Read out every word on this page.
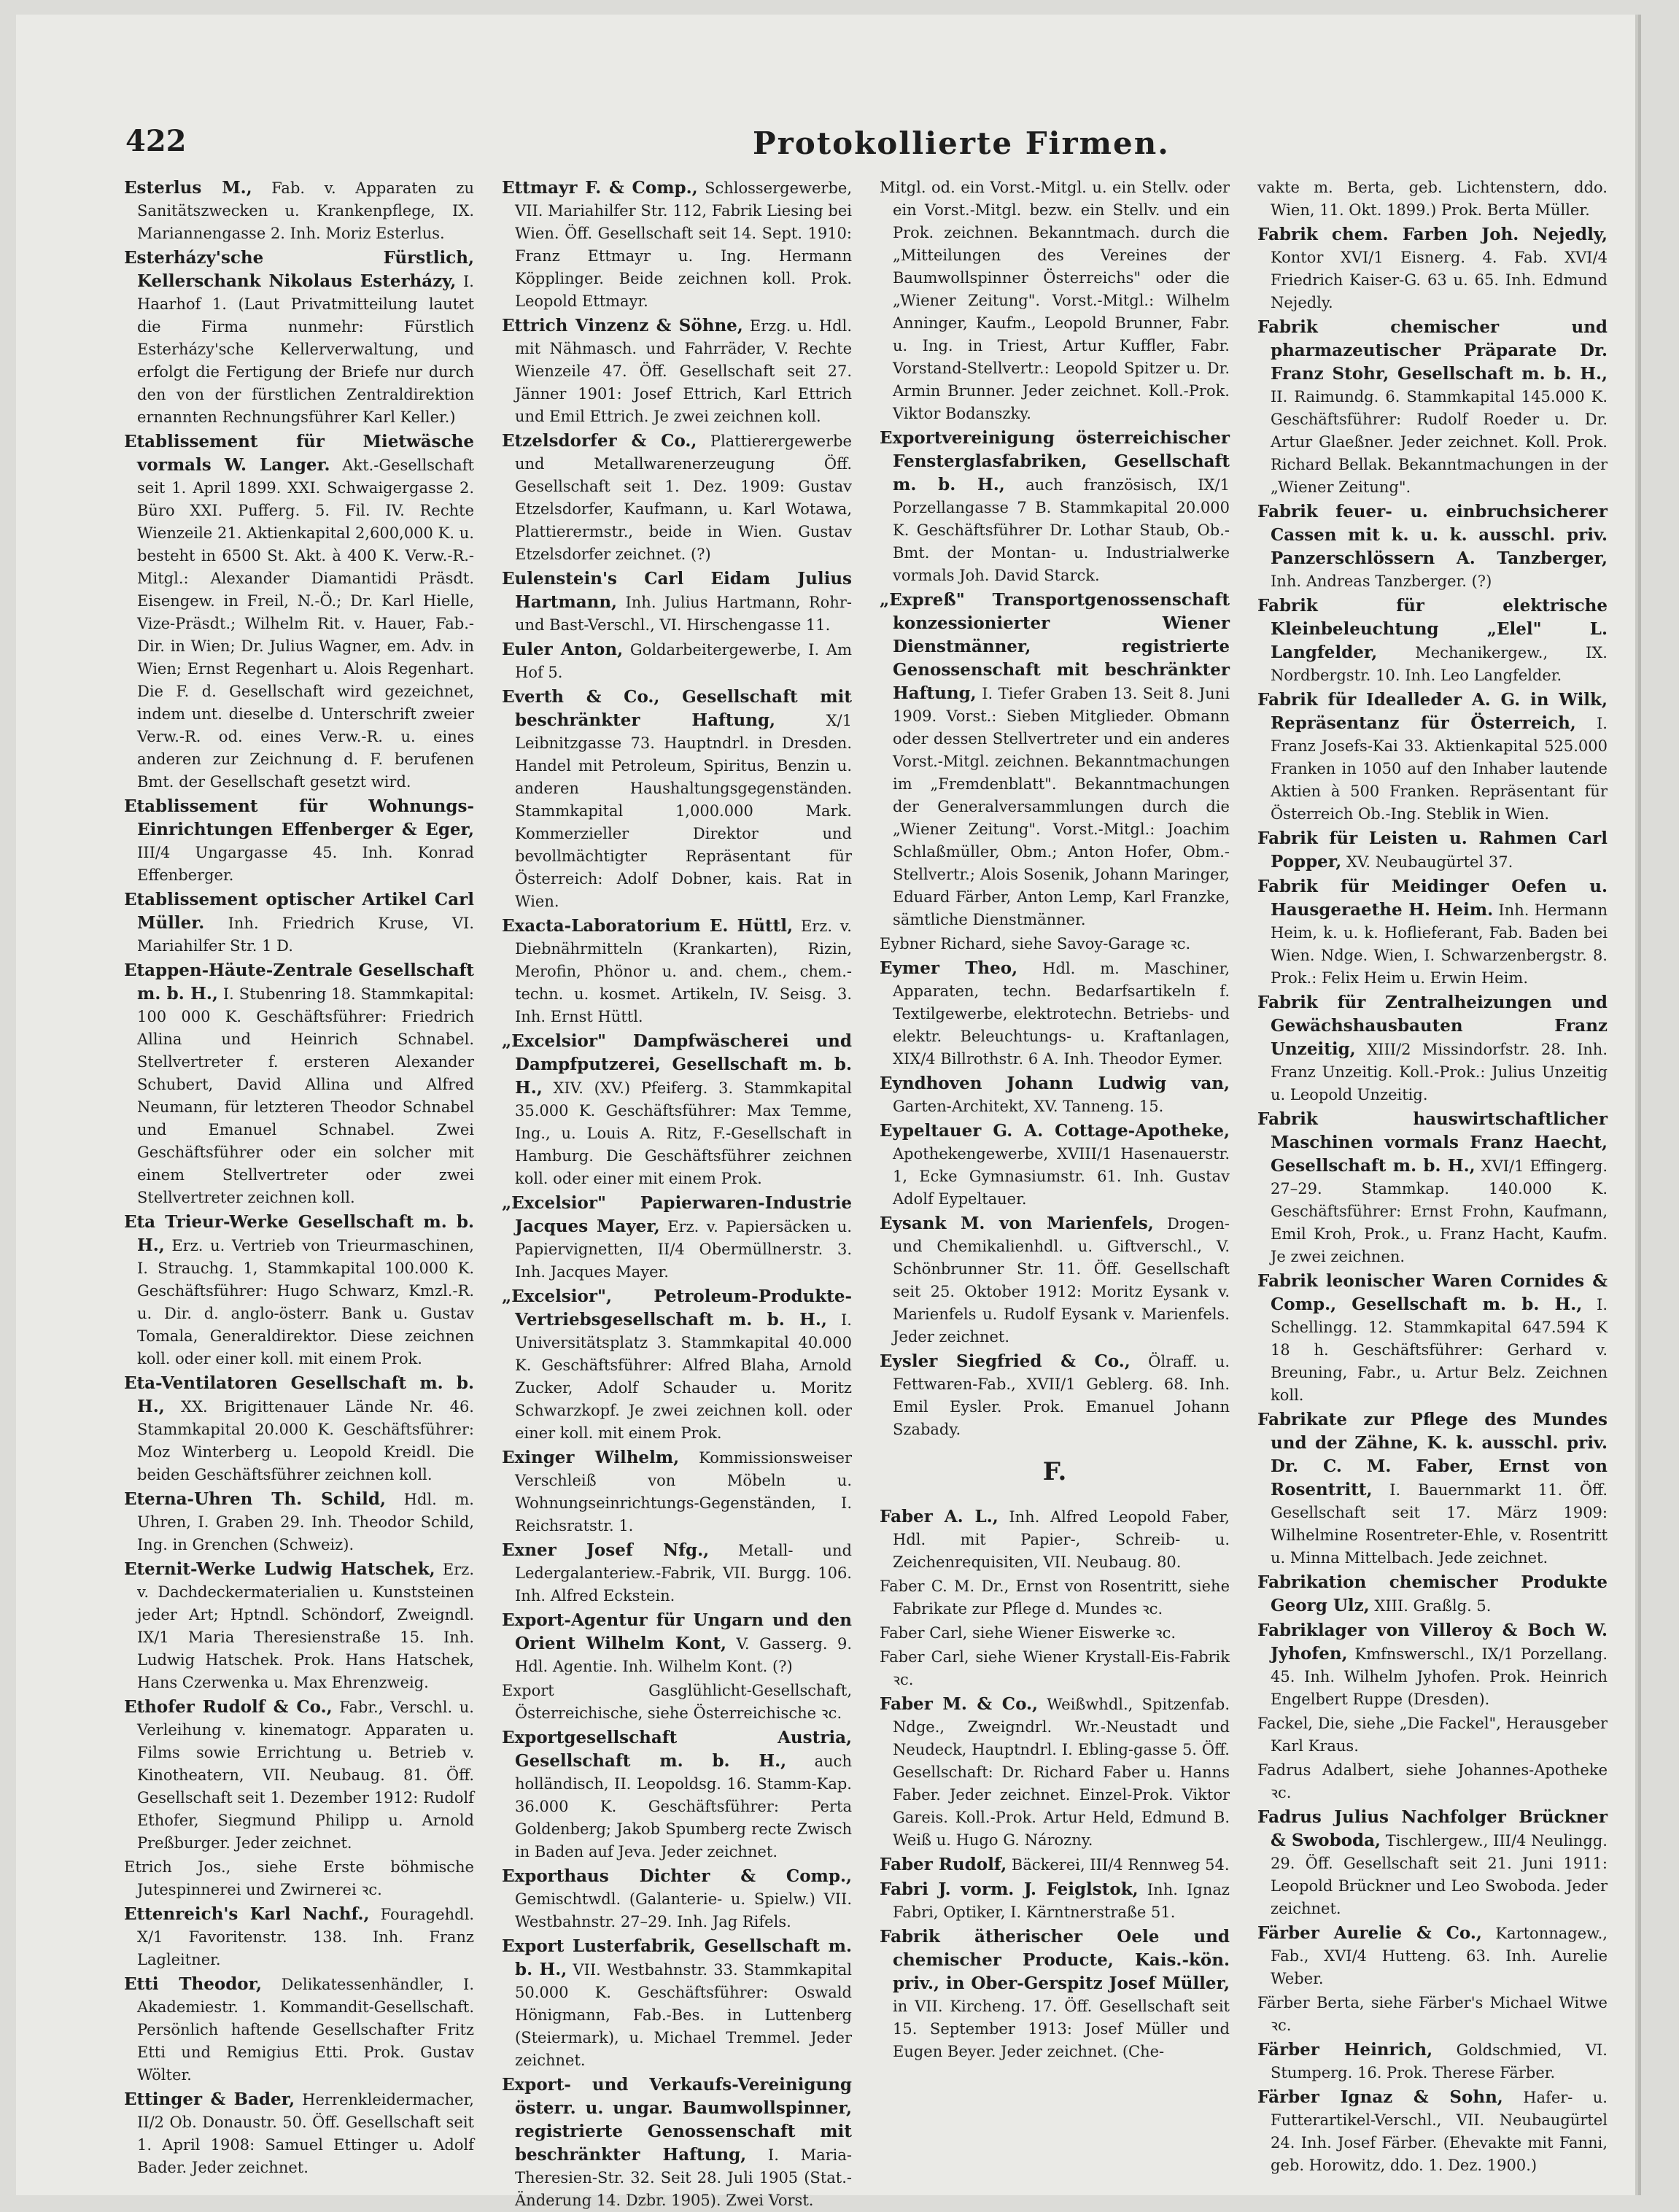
422	Protokollierte Firmen.

Esterlus M., Fab. v. Apparaten zu Sanitätszwecken u. Krankenpflege, IX. Mariannengasse 2. Inh. Moriz Esterlus.

Esterházy'sche Fürstlich, Kellerschank Nikolaus Esterházy, I. Haarhof 1. (Laut Privatmitteilung lautet die Firma nunmehr: Fürstlich Esterházy'sche Kellerverwaltung, und erfolgt die Fertigung der Briefe nur durch den von der fürstlichen Zentraldirektion ernannten Rechnungsführer Karl Keller.)

Etablissement für Mietwäsche vormals W. Langer. Akt.-Gesellschaft seit 1. April 1899. XXI. Schwaigergasse 2. Büro XXI. Pufferg. 5. Fil. IV. Rechte Wienzeile 21. Aktienkapital 2,600,000 K. u. besteht in 6500 St. Akt. à 400 K. Verw.-R.-Mitgl.: Alexander Diamantidi Präsdt. Eisengew. in Freil, N.-Ö.; Dr. Karl Hielle, Vize-Präsdt.; Wilhelm Rit. v. Hauer, Fab.-Dir. in Wien; Dr. Julius Wagner, em. Adv. in Wien; Ernst Regenhart u. Alois Regenhart. Die F. d. Gesellschaft wird gezeichnet, indem unt. dieselbe d. Unterschrift zweier Verw.-R. od. eines Verw.-R. u. eines anderen zur Zeichnung d. F. berufenen Bmt. der Gesellschaft gesetzt wird.

Etablissement für Wohnungs-Einrichtungen Effenberger & Eger, III/4 Ungargasse 45. Inh. Konrad Effenberger.

Etablissement optischer Artikel Carl Müller. Inh. Friedrich Kruse, VI. Mariahilfer Str. 1 D.

Etappen-Häute-Zentrale Gesellschaft m. b. H., I. Stubenring 18. Stammkapital: 100 000 K. Geschäftsführer: Friedrich Allina und Heinrich Schnabel. Stellvertreter f. ersteren Alexander Schubert, David Allina und Alfred Neumann, für letzteren Theodor Schnabel und Emanuel Schnabel. Zwei Geschäftsführer oder ein solcher mit einem Stellvertreter oder zwei Stellvertreter zeichnen koll.

Eta Trieur-Werke Gesellschaft m. b. H., Erz. u. Vertrieb von Trieurmaschinen, I. Strauchg. 1, Stammkapital 100.000 K. Geschäftsführer: Hugo Schwarz, Kmzl.-R. u. Dir. d. anglo-österr. Bank u. Gustav Tomala, Generaldirektor. Diese zeichnen koll. oder einer koll. mit einem Prok.

Eta-Ventilatoren Gesellschaft m. b. H., XX. Brigittenauer Lände Nr. 46. Stammkapital 20.000 K. Geschäftsführer: Moz Winterberg u. Leopold Kreidl. Die beiden Geschäftsführer zeichnen koll.

Eterna-Uhren Th. Schild, Hdl. m. Uhren, I. Graben 29. Inh. Theodor Schild, Ing. in Grenchen (Schweiz).

Eternit-Werke Ludwig Hatschek, Erz. v. Dachdeckermaterialien u. Kunststeinen jeder Art; Hptndl. Schöndorf, Zweigndl. IX/1 Maria Theresienstraße 15. Inh. Ludwig Hatschek. Prok. Hans Hatschek, Hans Czerwenka u. Max Ehrenzweig.

Ethofer Rudolf & Co., Fabr., Verschl. u. Verleihung v. kinematogr. Apparaten u. Films sowie Errichtung u. Betrieb v. Kinotheatern, VII. Neubaug. 81. Öff. Gesellschaft seit 1. Dezember 1912: Rudolf Ethofer, Siegmund Philipp u. Arnold Preßburger. Jeder zeichnet.

Etrich Jos., siehe Erste böhmische Jutespinnerei und Zwirnerei ꝛc.

Ettenreich's Karl Nachf., Fouragehdl. X/1 Favoritenstr. 138. Inh. Franz Lagleitner.

Etti Theodor, Delikatessenhändler, I. Akademiestr. 1. Kommandit-Gesellschaft. Persönlich haftende Gesellschafter Fritz Etti und Remigius Etti. Prok. Gustav Wölter.

Ettinger & Bader, Herrenkleidermacher, II/2 Ob. Donaustr. 50. Öff. Gesellschaft seit 1. April 1908: Samuel Ettinger u. Adolf Bader. Jeder zeichnet.

Ettmayr F. & Comp., Schlossergewerbe, VII. Mariahilfer Str. 112, Fabrik Liesing bei Wien. Öff. Gesellschaft seit 14. Sept. 1910: Franz Ettmayr u. Ing. Hermann Köpplinger. Beide zeichnen koll. Prok. Leopold Ettmayr.

Ettrich Vinzenz & Söhne, Erzg. u. Hdl. mit Nähmasch. und Fahrräder, V. Rechte Wienzeile 47. Öff. Gesellschaft seit 27. Jänner 1901: Josef Ettrich, Karl Ettrich und Emil Ettrich. Je zwei zeichnen koll.

Etzelsdorfer & Co., Plattierergewerbe und Metallwarenerzeugung Öff. Gesellschaft seit 1. Dez. 1909: Gustav Etzelsdorfer, Kaufmann, u. Karl Wotawa, Plattierermstr., beide in Wien. Gustav Etzelsdorfer zeichnet. (?)

Eulenstein's Carl Eidam Julius Hartmann, Inh. Julius Hartmann, Rohr- und Bast-Verschl., VI. Hirschengasse 11.

Euler Anton, Goldarbeitergewerbe, I. Am Hof 5.

Everth & Co., Gesellschaft mit beschränkter Haftung,	X/1 Leibnitzgasse 73. Hauptndrl. in Dresden. Handel mit Petroleum, Spiritus, Benzin u. anderen Haushaltungsgegenständen. Stammkapital 1,000.000 Mark. Kommerzieller Direktor und bevollmächtigter Repräsentant für Österreich: Adolf Dobner, kais. Rat in Wien.

Exacta-Laboratorium E. Hüttl, Erz. v. Diebnährmitteln (Krankarten), Rizin, Merofin, Phönor u. and. chem., chem.-techn. u. kosmet. Artikeln, IV. Seisg. 3. Inh. Ernst Hüttl.

„Excelsior" Dampfwäscherei und Dampfputzerei, Gesellschaft m. b. H., XIV. (XV.) Pfeiferg. 3. Stammkapital 35.000 K. Geschäftsführer: Max Temme, Ing., u. Louis A. Ritz, F.-Gesellschaft in Hamburg. Die Geschäftsführer zeichnen koll. oder einer mit einem Prok.

„Excelsior" Papierwaren-Industrie Jacques Mayer, Erz. v. Papiersäcken u. Papiervignetten, II/4 Obermüllnerstr. 3. Inh. Jacques Mayer.

„Excelsior", Petroleum-Produkte-Vertriebsgesellschaft m. b. H., I. Universitätsplatz 3. Stammkapital 40.000 K. Geschäftsführer: Alfred Blaha, Arnold Zucker, Adolf Schauder u. Moritz Schwarzkopf. Je zwei zeichnen koll. oder einer koll. mit einem Prok.

Exinger Wilhelm, Kommissionsweiser Verschleiß von Möbeln u. Wohnungseinrichtungs-Gegenständen, I. Reichsratstr. 1.

Exner Josef Nfg., Metall- und Ledergalanteriew.-Fabrik, VII. Burgg. 106. Inh. Alfred Eckstein.

Export-Agentur für Ungarn und den Orient Wilhelm Kont, V. Gasserg. 9. Hdl. Agentie. Inh. Wilhelm Kont. (?)

Export Gasglühlicht-Gesellschaft, Österreichische, siehe Österreichische ꝛc.

Exportgesellschaft Austria, Gesellschaft m. b. H., auch holländisch, II. Leopoldsg. 16. Stamm-Kap. 36.000 K. Geschäftsführer: Perta Goldenberg; Jakob Spumberg recte Zwisch in Baden auf Jeva. Jeder zeichnet.

Exporthaus Dichter & Comp., Gemischtwdl. (Galanterie- u. Spielw.) VII. Westbahnstr. 27–29. Inh. Jag Rifels.

Export Lusterfabrik, Gesellschaft m. b. H., VII. Westbahnstr. 33. Stammkapital 50.000 K. Geschäftsführer: Oswald Hönigmann, Fab.-Bes. in Luttenberg (Steiermark), u. Michael Tremmel. Jeder zeichnet.

Export- und Verkaufs-Vereinigung österr. u. ungar. Baumwollspinner, registrierte Genossenschaft mit beschränkter Haftung, I. Maria-Theresien-Str. 32. Seit 28. Juli 1905 (Stat.-Änderung 14. Dzbr. 1905). Zwei Vorst.

Mitgl. od. ein Vorst.-Mitgl. u. ein Stellv. oder ein Vorst.-Mitgl. bezw. ein Stellv. und ein Prok. zeichnen. Bekanntmach. durch die „Mitteilungen des Vereines der Baumwollspinner Österreichs" oder die „Wiener Zeitung". Vorst.-Mitgl.: Wilhelm Anninger, Kaufm., Leopold Brunner, Fabr. u. Ing. in Triest, Artur Kuffler, Fabr. Vorstand-Stellvertr.: Leopold Spitzer u. Dr. Armin Brunner. Jeder zeichnet. Koll.-Prok. Viktor Bodanszky.

Exportvereinigung österreichischer Fensterglasfabriken, Gesellschaft m. b. H., auch französisch, IX/1 Porzellangasse 7 B. Stammkapital 20.000 K. Geschäftsführer Dr. Lothar Staub, Ob.-Bmt. der Montan- u. Industrialwerke vormals Joh. David Starck.

„Expreß" Transportgenossenschaft konzessionierter Wiener Dienstmänner, registrierte Genossenschaft mit beschränkter Haftung, I. Tiefer Graben 13. Seit 8. Juni 1909. Vorst.: Sieben Mitglieder. Obmann oder dessen Stellvertreter und ein anderes Vorst.-Mitgl. zeichnen. Bekanntmachungen im „Fremdenblatt". Bekanntmachungen der Generalversammlungen durch die „Wiener Zeitung". Vorst.-Mitgl.: Joachim Schlaßmüller, Obm.; Anton Hofer, Obm.-Stellvertr.; Alois Sosenik, Johann Maringer, Eduard Färber, Anton Lemp, Karl Franzke, sämtliche Dienstmänner.

Eybner Richard, siehe Savoy-Garage ꝛc.

Eymer Theo, Hdl. m. Maschiner, Apparaten, techn. Bedarfsartikeln f. Textilgewerbe, elektrotechn. Betriebs- und elektr. Beleuchtungs- u. Kraftanlagen, XIX/4 Billrothstr. 6 A. Inh. Theodor Eymer.

Eyndhoven Johann Ludwig van, Garten-Architekt, XV. Tanneng. 15.

Eypeltauer G. A. Cottage-Apotheke, Apothekengewerbe, XVIII/1 Hasenauerstr. 1, Ecke Gymnasiumstr. 61. Inh. Gustav Adolf Eypeltauer.

Eysank M. von Marienfels, Drogen- und Chemikalienhdl. u. Giftverschl., V. Schönbrunner Str. 11. Öff. Gesellschaft seit 25. Oktober 1912: Moritz Eysank v. Marienfels u. Rudolf Eysank v. Marienfels. Jeder zeichnet.

Eysler Siegfried & Co., Ölraff. u. Fettwaren-Fab., XVII/1 Geblerg. 68. Inh. Emil Eysler. Prok. Emanuel Johann Szabady.

F.

Faber A. L., Inh. Alfred Leopold Faber, Hdl. mit Papier-, Schreib- u. Zeichenrequisiten, VII. Neubaug. 80.

Faber C. M. Dr., Ernst von Rosentritt, siehe Fabrikate zur Pflege d. Mundes ꝛc.

Faber Carl, siehe Wiener Eiswerke ꝛc.

Faber Carl, siehe Wiener Krystall-Eis-Fabrik ꝛc.

Faber M. & Co., Weißwhdl., Spitzenfab. Ndge., Zweigndrl. Wr.-Neustadt und Neudeck, Hauptndrl. I. Ebling-gasse 5. Öff. Gesellschaft: Dr. Richard Faber u. Hanns Faber. Jeder zeichnet. Einzel-Prok. Viktor Gareis. Koll.-Prok. Artur Held, Edmund B. Weiß u. Hugo G. Nározny.

Faber Rudolf, Bäckerei, III/4 Rennweg 54.

Fabri J. vorm. J. Feiglstok, Inh. Ignaz Fabri, Optiker, I. Kärntnerstraße 51.

Fabrik ätherischer Oele und chemischer Producte, Kais.-kön. priv., in Ober-Gerspitz Josef Müller, in VII. Kircheng. 17. Öff. Gesellschaft seit 15. September 1913: Josef Müller und Eugen Beyer. Jeder zeichnet. (Che-

vakte m. Berta, geb. Lichtenstern, ddo. Wien, 11. Okt. 1899.) Prok. Berta Müller.

Fabrik chem. Farben Joh. Nejedly, Kontor XVI/1 Eisnerg. 4. Fab. XVI/4 Friedrich Kaiser-G. 63 u. 65. Inh. Edmund Nejedly.

Fabrik chemischer und pharmazeutischer Präparate Dr. Franz Stohr, Gesellschaft m. b. H., II. Raimundg. 6. Stammkapital 145.000 K. Geschäftsführer: Rudolf Roeder u. Dr. Artur Glaeßner. Jeder zeichnet. Koll. Prok. Richard Bellak. Bekanntmachungen in der „Wiener Zeitung".

Fabrik feuer- u. einbruchsicherer Cassen mit k. u. k. ausschl. priv. Panzerschlössern A. Tanzberger, Inh. Andreas Tanzberger. (?)

Fabrik für elektrische Kleinbeleuchtung „Elel" L. Langfelder, Mechanikergew., IX. Nordbergstr. 10. Inh. Leo Langfelder.

Fabrik für Idealleder A. G. in Wilk, Repräsentanz für Österreich, I. Franz Josefs-Kai 33. Aktienkapital 525.000 Franken in 1050 auf den Inhaber lautende Aktien à 500 Franken. Repräsentant für Österreich Ob.-Ing. Steblik in Wien.

Fabrik für Leisten u. Rahmen Carl Popper, XV. Neubaugürtel 37.

Fabrik für Meidinger Oefen u. Hausgeraethe H. Heim. Inh. Hermann Heim, k. u. k. Hoflieferant, Fab. Baden bei Wien. Ndge. Wien, I. Schwarzenbergstr. 8. Prok.: Felix Heim u. Erwin Heim.

Fabrik für Zentralheizungen und Gewächshausbauten Franz Unzeitig, XIII/2 Missindorfstr. 28. Inh. Franz Unzeitig. Koll.-Prok.: Julius Unzeitig u. Leopold Unzeitig.

Fabrik hauswirtschaftlicher Maschinen vormals Franz Haecht, Gesellschaft m. b. H., XVI/1 Effingerg. 27–29. Stammkap. 140.000 K. Geschäftsführer: Ernst Frohn, Kaufmann, Emil Kroh, Prok., u. Franz Hacht, Kaufm. Je zwei zeichnen.

Fabrik leonischer Waren Cornides & Comp., Gesellschaft m. b. H., I. Schellingg. 12. Stammkapital 647.594 K 18 h. Geschäftsführer: Gerhard v. Breuning, Fabr., u. Artur Belz. Zeichnen koll.

Fabrikate zur Pflege des Mundes und der Zähne, K. k. ausschl. priv. Dr. C. M. Faber, Ernst von Rosentritt, I. Bauernmarkt 11. Öff. Gesellschaft seit 17. März 1909: Wilhelmine Rosentreter-Ehle, v. Rosentritt u. Minna Mittelbach. Jede zeichnet.

Fabrikation chemischer Produkte Georg Ulz, XIII. Graßlg. 5.

Fabriklager von Villeroy & Boch W. Jyhofen, Kmfnswerschl., IX/1 Porzellang. 45. Inh. Wilhelm Jyhofen. Prok. Heinrich Engelbert Ruppe (Dresden).

Fackel, Die, siehe „Die Fackel", Herausgeber Karl Kraus.

Fadrus Adalbert, siehe Johannes-Apotheke ꝛc.

Fadrus Julius Nachfolger Brückner & Swoboda, Tischlergew., III/4 Neulingg. 29. Öff. Gesellschaft seit 21. Juni 1911: Leopold Brückner und Leo Swoboda. Jeder zeichnet.

Färber Aurelie & Co., Kartonnagew., Fab., XVI/4 Hutteng. 63. Inh. Aurelie Weber.

Färber Berta, siehe Färber's Michael Witwe ꝛc.

Färber Heinrich, Goldschmied, VI. Stumperg. 16. Prok. Therese Färber.

Färber Ignaz & Sohn, Hafer- u. Futterartikel-Verschl., VII. Neubaugürtel 24. Inh. Josef Färber. (Ehevakte mit Fanni, geb. Horowitz, ddo. 1. Dez. 1900.)
